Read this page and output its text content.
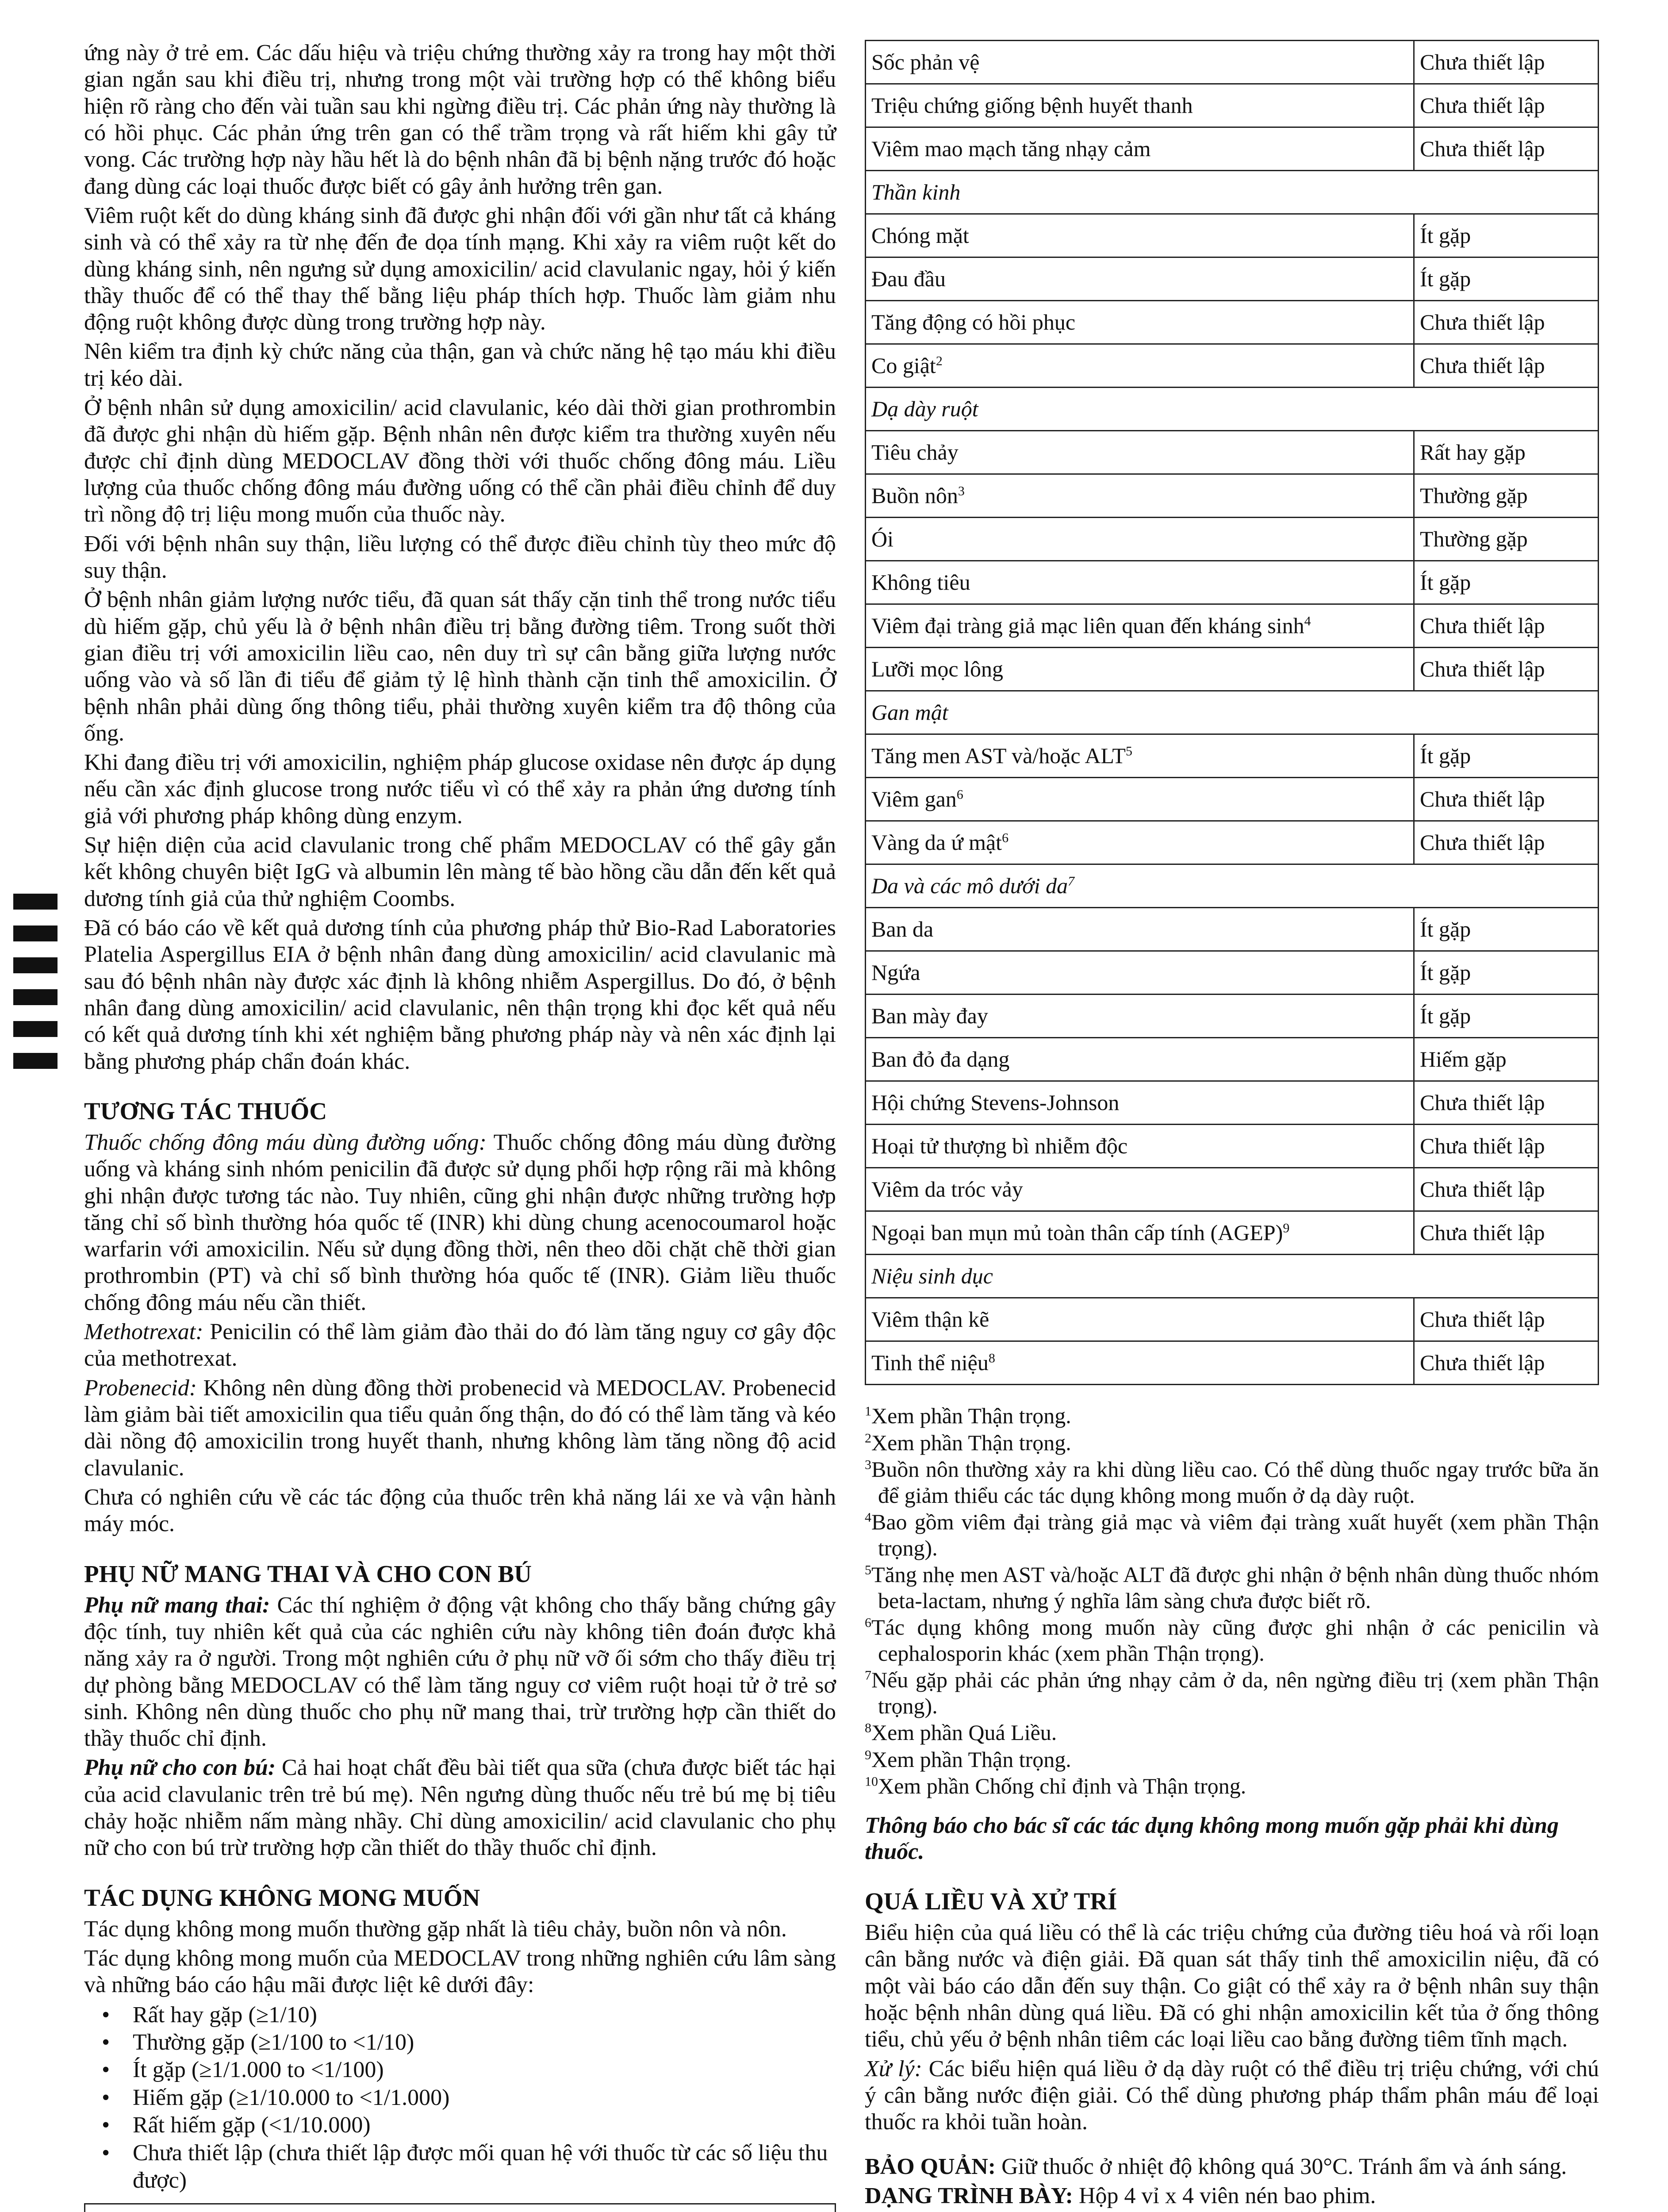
ứng này ở trẻ em. Các dấu hiệu và triệu chứng thường xảy ra trong hay một thời gian ngắn sau khi điều trị, nhưng trong một vài trường hợp có thể không biểu hiện rõ ràng cho đến vài tuần sau khi ngừng điều trị. Các phản ứng này thường là có hồi phục. Các phản ứng trên gan có thể trầm trọng và rất hiếm khi gây tử vong. Các trường hợp này hầu hết là do bệnh nhân đã bị bệnh nặng trước đó hoặc đang dùng các loại thuốc được biết có gây ảnh hưởng trên gan.

Viêm ruột kết do dùng kháng sinh đã được ghi nhận đối với gần như tất cả kháng sinh và có thể xảy ra từ nhẹ đến đe dọa tính mạng. Khi xảy ra viêm ruột kết do dùng kháng sinh, nên ngưng sử dụng amoxicilin/ acid clavulanic ngay, hỏi ý kiến thầy thuốc để có thể thay thế bằng liệu pháp thích hợp. Thuốc làm giảm nhu động ruột không được dùng trong trường hợp này.

Nên kiểm tra định kỳ chức năng của thận, gan và chức năng hệ tạo máu khi điều trị kéo dài.

Ở bệnh nhân sử dụng amoxicilin/ acid clavulanic, kéo dài thời gian prothrombin đã được ghi nhận dù hiếm gặp. Bệnh nhân nên được kiểm tra thường xuyên nếu được chỉ định dùng MEDOCLAV đồng thời với thuốc chống đông máu. Liều lượng của thuốc chống đông máu đường uống có thể cần phải điều chỉnh để duy trì nồng độ trị liệu mong muốn của thuốc này.

Đối với bệnh nhân suy thận, liều lượng có thể được điều chỉnh tùy theo mức độ suy thận.

Ở bệnh nhân giảm lượng nước tiểu, đã quan sát thấy cặn tinh thể trong nước tiểu dù hiếm gặp, chủ yếu là ở bệnh nhân điều trị bằng đường tiêm. Trong suốt thời gian điều trị với amoxicilin liều cao, nên duy trì sự cân bằng giữa lượng nước uống vào và số lần đi tiểu để giảm tỷ lệ hình thành cặn tinh thể amoxicilin. Ở bệnh nhân phải dùng ống thông tiểu, phải thường xuyên kiểm tra độ thông của ống.

Khi đang điều trị với amoxicilin, nghiệm pháp glucose oxidase nên được áp dụng nếu cần xác định glucose trong nước tiểu vì có thể xảy ra phản ứng dương tính giả với phương pháp không dùng enzym.

Sự hiện diện của acid clavulanic trong chế phẩm MEDOCLAV có thể gây gắn kết không chuyên biệt IgG và albumin lên màng tế bào hồng cầu dẫn đến kết quả dương tính giả của thử nghiệm Coombs.

Đã có báo cáo về kết quả dương tính của phương pháp thử Bio-Rad Laboratories Platelia Aspergillus EIA ở bệnh nhân đang dùng amoxicilin/ acid clavulanic mà sau đó bệnh nhân này được xác định là không nhiễm Aspergillus. Do đó, ở bệnh nhân đang dùng amoxicilin/ acid clavulanic, nên thận trọng khi đọc kết quả nếu có kết quả dương tính khi xét nghiệm bằng phương pháp này và nên xác định lại bằng phương pháp chẩn đoán khác.

TƯƠNG TÁC THUỐC

Thuốc chống đông máu dùng đường uống: Thuốc chống đông máu dùng đường uống và kháng sinh nhóm penicilin đã được sử dụng phối hợp rộng rãi mà không ghi nhận được tương tác nào. Tuy nhiên, cũng ghi nhận được những trường hợp tăng chỉ số bình thường hóa quốc tế (INR) khi dùng chung acenocoumarol hoặc warfarin với amoxicilin. Nếu sử dụng đồng thời, nên theo dõi chặt chẽ thời gian prothrombin (PT) và chỉ số bình thường hóa quốc tế (INR). Giảm liều thuốc chống đông máu nếu cần thiết.

Methotrexat: Penicilin có thể làm giảm đào thải do đó làm tăng nguy cơ gây độc của methotrexat.

Probenecid: Không nên dùng đồng thời probenecid và MEDOCLAV. Probenecid làm giảm bài tiết amoxicilin qua tiểu quản ống thận, do đó có thể làm tăng và kéo dài nồng độ amoxicilin trong huyết thanh, nhưng không làm tăng nồng độ acid clavulanic.

Chưa có nghiên cứu về các tác động của thuốc trên khả năng lái xe và vận hành máy móc.

PHỤ NỮ MANG THAI VÀ CHO CON BÚ

Phụ nữ mang thai: Các thí nghiệm ở động vật không cho thấy bằng chứng gây độc tính, tuy nhiên kết quả của các nghiên cứu này không tiên đoán được khả năng xảy ra ở người. Trong một nghiên cứu ở phụ nữ vỡ ối sớm cho thấy điều trị dự phòng bằng MEDOCLAV có thể làm tăng nguy cơ viêm ruột hoại tử ở trẻ sơ sinh. Không nên dùng thuốc cho phụ nữ mang thai, trừ trường hợp cần thiết do thầy thuốc chỉ định.

Phụ nữ cho con bú: Cả hai hoạt chất đều bài tiết qua sữa (chưa được biết tác hại của acid clavulanic trên trẻ bú mẹ). Nên ngưng dùng thuốc nếu trẻ bú mẹ bị tiêu chảy hoặc nhiễm nấm màng nhầy. Chỉ dùng amoxicilin/ acid clavulanic cho phụ nữ cho con bú trừ trường hợp cần thiết do thầy thuốc chỉ định.

TÁC DỤNG KHÔNG MONG MUỐN

Tác dụng không mong muốn thường gặp nhất là tiêu chảy, buồn nôn và nôn.

Tác dụng không mong muốn của MEDOCLAV trong những nghiên cứu lâm sàng và những báo cáo hậu mãi được liệt kê dưới đây:

• Rất hay gặp (≥1/10)
• Thường gặp (≥1/100 to <1/10)
• Ít gặp (≥1/1.000 to <1/100)
• Hiếm gặp (≥1/10.000 to <1/1.000)
• Rất hiếm gặp (<1/10.000)
• Chưa thiết lập (chưa thiết lập được mối quan hệ với thuốc từ các số liệu thu được)

Sốc phản vệ	Chưa thiết lập
Triệu chứng giống bệnh huyết thanh	Chưa thiết lập
Viêm mao mạch tăng nhạy cảm	Chưa thiết lập
Thần kinh	
Chóng mặt	Ít gặp
Đau đầu	Ít gặp
Tăng động có hồi phục	Chưa thiết lập
Co giật$^2$	Chưa thiết lập
Dạ dày ruột	
Tiêu chảy	Rất hay gặp
Buồn nôn$^3$	Thường gặp
Ói	Thường gặp
Không tiêu	Ít gặp
Viêm đại tràng giả mạc liên quan đến kháng $\sinh^4$	Chưa thiết lập
Lưỡi mọc lông	Chưa thiết lập
Gan mật	
Tăng men AST và/hoặc ALT$^5$	Ít gặp
Viêm gan$^6$	Chưa thiết lập
Vàng da ứ mật$^6$	Chưa thiết lập
Da và các mô dưới $da^7$
Ban da	Ít gặp
Ngứa	Ít gặp
Ban mày đay	Ít gặp
Ban đỏ đa dạng	Hiếm gặp
Hội chứng Stevens-Johnson	Chưa thiết lập
Hoại tử thượng bì nhiễm độc	Chưa thiết lập
Viêm da tróc vảy	Chưa thiết lập
Ngoại ban mụn mủ toàn thân cấp tính (AGEP)$^9$	Chưa thiết lập
Niệu sinh dục	
Viêm thận kẽ	Chưa thiết lập
Tinh thể niệu$^8$	Chưa thiết lập

$^1$Xem phần Thận trọng.

$^2$Xem phần Thận trọng.

$^3$Buồn nôn thường xảy ra khi dùng liều cao. Có thể dùng thuốc ngay trước bữa ăn để giảm thiểu các tác dụng không mong muốn ở dạ dày ruột.

$^4$Bao gồm viêm đại tràng giả mạc và viêm đại tràng xuất huyết (xem phần Thận trọng).

$^5$Tăng nhẹ men AST và/hoặc ALT đã được ghi nhận ở bệnh nhân dùng thuốc nhóm beta-lactam, nhưng ý nghĩa lâm sàng chưa được biết rõ.

$^6$Tác dụng không mong muốn này cũng được ghi nhận ở các penicilin và cephalosporin khác (xem phần Thận trọng).

$^7$Nếu gặp phải các phản ứng nhạy cảm ở da, nên ngừng điều trị (xem phần Thận trọng).

$^8$Xem phần Quá Liều.

$^9$Xem phần Thận trọng.

$^{10}$Xem phần Chống chỉ định và Thận trọng.

Thông báo cho bác sĩ các tác dụng không mong muốn gặp phải khi dùng thuốc.
QUÁ LIỀU VÀ XỬ TRÍ

Biểu hiện của quá liều có thể là các triệu chứng của đường tiêu hoá và rối loạn cân bằng nước và điện giải. Đã quan sát thấy tinh thể amoxicilin niệu, đã có một vài báo cáo dẫn đến suy thận. Co giật có thể xảy ra ở bệnh nhân suy thận hoặc bệnh nhân dùng quá liều. Đã có ghi nhận amoxicilin kết tủa ở ống thông tiểu, chủ yếu ở bệnh nhân tiêm các loại liều cao bằng đường tiêm tĩnh mạch.

Xử lý: Các biểu hiện quá liều ở dạ dày ruột có thể điều trị triệu chứng, với chú ý cân bằng nước điện giải. Có thể dùng phương pháp thẩm phân máu để loại thuốc ra khỏi tuần hoàn.

BẢO QUẢN: Giữ thuốc ở nhiệt độ không quá 30°C. Tránh ẩm và ánh sáng.

DẠNG TRÌNH BÀY: Hộp 4 vỉ x 4 viên nén bao phim.
